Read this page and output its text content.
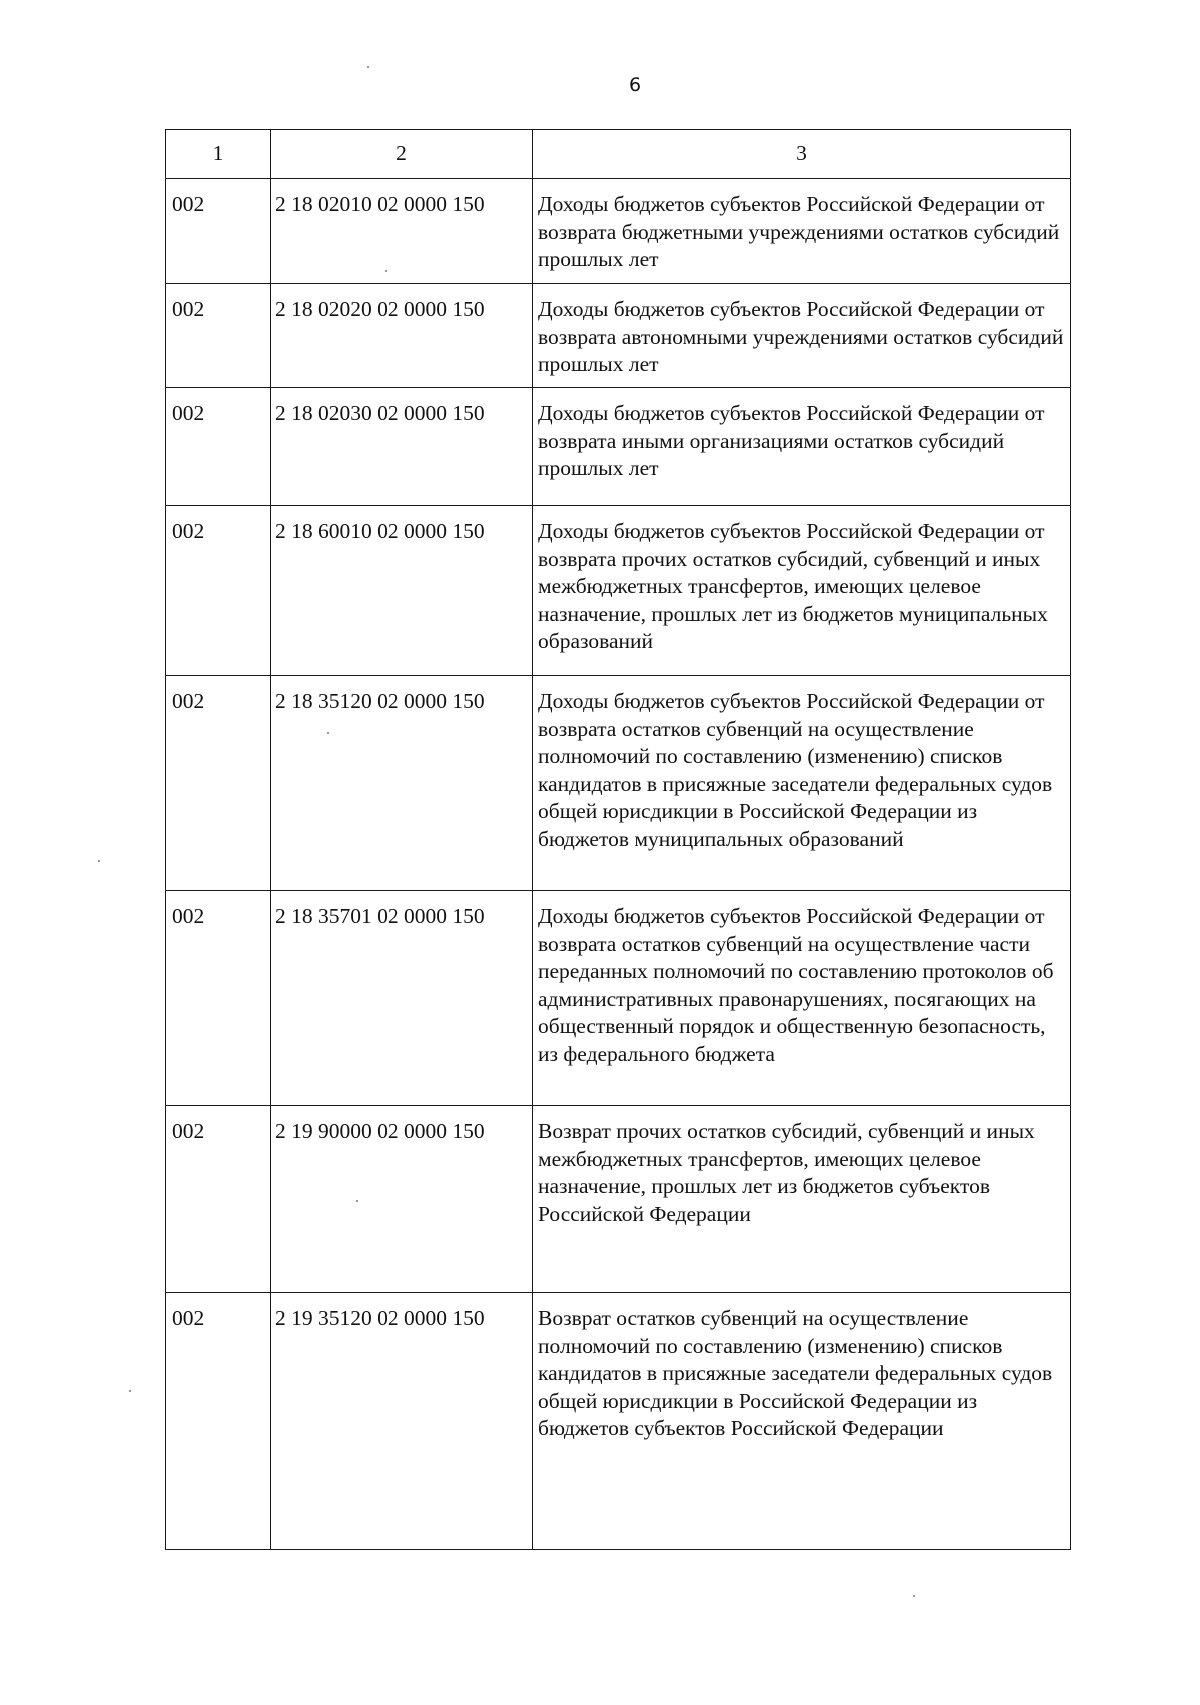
6
1	2	3
002	2 18 02010 02 0000 150	Доходы бюджетов субъектов Российской Федерации от возврата бюджетными учреждениями остатков субсидий прошлых лет
002	2 18 02020 02 0000 150	Доходы бюджетов субъектов Российской Федерации от возврата автономными учреждениями остатков субсидий прошлых лет
002	2 18 02030 02 0000 150	Доходы бюджетов субъектов Российской Федерации от возврата иными организациями остатков субсидий прошлых лет
002	2 18 60010 02 0000 150	Доходы бюджетов субъектов Российской Федерации от возврата прочих остатков субсидий, субвенций и иных межбюджетных трансфертов, имеющих целевое назначение, прошлых лет из бюджетов муниципальных образований
002	2 18 35120 02 0000 150	Доходы бюджетов субъектов Российской Федерации от возврата остатков субвенций на осуществление полномочий по составлению (изменению) списков кандидатов в присяжные заседатели федеральных судов общей юрисдикции в Российской Федерации из бюджетов муниципальных образований
002	2 18 35701 02 0000 150	Доходы бюджетов субъектов Российской Федерации от возврата остатков субвенций на осуществление части переданных полномочий по составлению протоколов об административных правонарушениях, посягающих на общественный порядок и общественную безопасность, из федерального бюджета
002	2 19 90000 02 0000 150	Возврат прочих остатков субсидий, субвенций и иных межбюджетных трансфертов, имеющих целевое назначение, прошлых лет из бюджетов субъектов Российской Федерации
002	2 19 35120 02 0000 150	Возврат остатков субвенций на осуществление полномочий по составлению (изменению) списков кандидатов в присяжные заседатели федеральных судов общей юрисдикции в Российской Федерации из бюджетов субъектов Российской Федерации
